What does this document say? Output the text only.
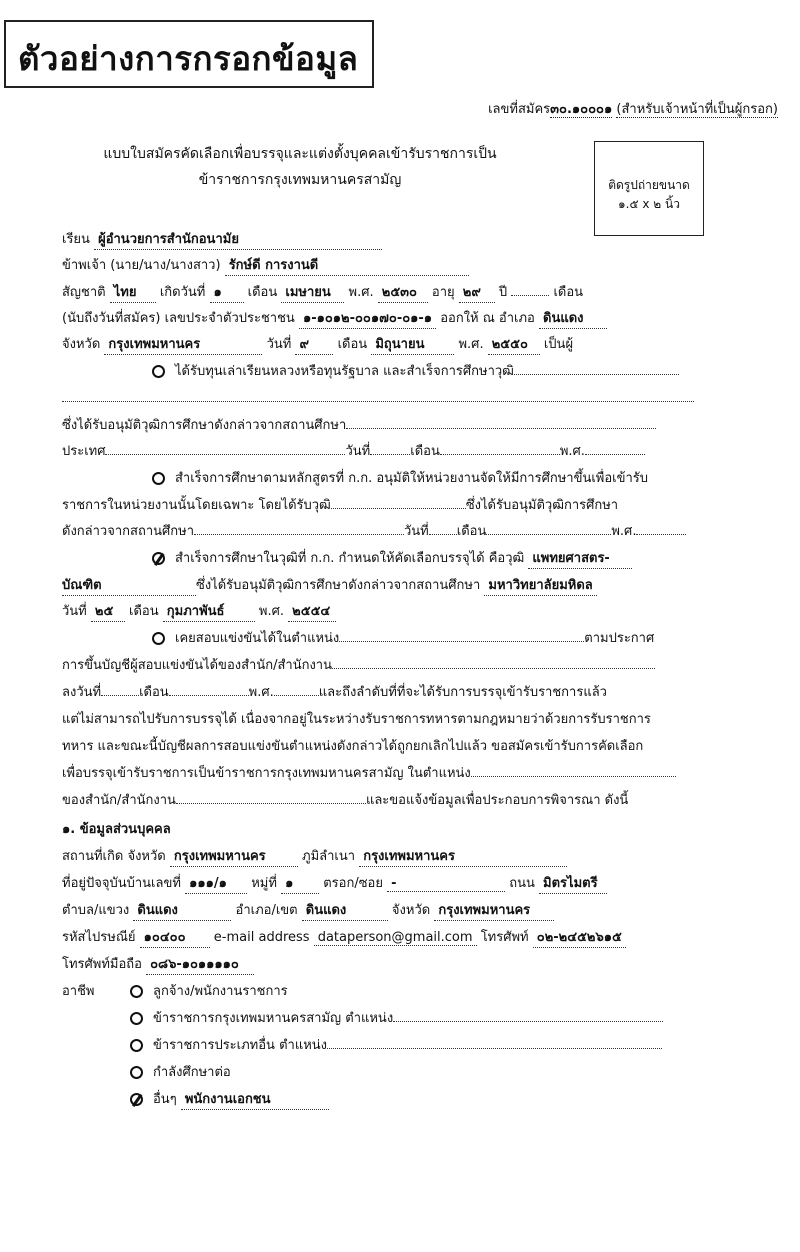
ตัวอย่างการกรอกข้อมูล
เลขที่สมัคร๓๐.๑๐๐๐๑ (สำหรับเจ้าหน้าที่เป็นผู้กรอก)
แบบใบสมัครคัดเลือกเพื่อบรรจุและแต่งตั้งบุคคลเข้ารับราชการเป็น
ข้าราชการกรุงเทพมหานครสามัญ	ติดรูปถ่ายขนาด
๑.๕ x ๒ นิ้ว
เรียน ผู้อำนวยการสำนักอนามัย
ข้าพเจ้า (นาย/นาง/นางสาว) รักษ์ดี การงานดี
สัญชาติ ไทย เกิดวันที่ ๑ เดือน เมษายน พ.ศ. ๒๕๓๐ อายุ ๒๙ ปี	เดือน
(นับถึงวันที่สมัคร) เลขประจำตัวประชาชน ๑-๑๐๑๒-๐๐๑๗๐-๐๑-๑ ออกให้ ณ อำเภอ ดินแดง
จังหวัด กรุงเทพมหานคร	วันที่ ๙ เดือน มิถุนายน	พ.ศ. ๒๕๕๐ เป็นผู้
ได้รับทุนเล่าเรียนหลวงหรือทุนรัฐบาล และสำเร็จการศึกษาวุฒิ
ซึ่งได้รับอนุมัติวุฒิการศึกษาดังกล่าวจากสถานศึกษา
ประเทศ	วันที่	เดือน	พ.ศ.
สำเร็จการศึกษาตามหลักสูตรที่ ก.ก. อนุมัติให้หน่วยงานจัดให้มีการศึกษาขึ้นเพื่อเข้ารับ
ราชการในหน่วยงานนั้นโดยเฉพาะ โดยได้รับวุฒิ	ซึ่งได้รับอนุมัติวุฒิการศึกษา
ดังกล่าวจากสถานศึกษา	วันที่ เดือน	พ.ศ.
สำเร็จการศึกษาในวุฒิที่ ก.ก. กำหนดให้คัดเลือกบรรจุได้ คือวุฒิ แพทยศาสตร-
บัณฑิต	ซึ่งได้รับอนุมัติวุฒิการศึกษาดังกล่าวจากสถานศึกษา มหาวิทยาลัยมหิดล
วันที่ ๒๕ เดือน กุมภาพันธ์	พ.ศ. ๒๕๕๔
เคยสอบแข่งขันได้ในตำแหน่ง	ตามประกาศ
การขึ้นบัญชีผู้สอบแข่งขันได้ของสำนัก/สำนักงาน
ลงวันที่	เดือน	พ.ศ.	และถึงลำดับที่ที่จะได้รับการบรรจุเข้ารับราชการแล้ว
แต่ไม่สามารถไปรับการบรรจุได้ เนื่องจากอยู่ในระหว่างรับราชการทหารตามกฎหมายว่าด้วยการรับราชการ
ทหาร และขณะนี้บัญชีผลการสอบแข่งขันตำแหน่งดังกล่าวได้ถูกยกเลิกไปแล้ว ขอสมัครเข้ารับการคัดเลือก
เพื่อบรรจุเข้ารับราชการเป็นข้าราชการกรุงเทพมหานครสามัญ ในตำแหน่ง
ของสำนัก/สำนักงาน	และขอแจ้งข้อมูลเพื่อประกอบการพิจารณา ดังนี้
๑. ข้อมูลส่วนบุคคล
สถานที่เกิด จังหวัด กรุงเทพมหานคร	ภูมิลำเนา กรุงเทพมหานคร
ที่อยู่ปัจจุบันบ้านเลขที่ ๑๑๑/๑ หมู่ที่ ๑ ตรอก/ซอย -	ถนน มิตรไมตรี
ตำบล/แขวง ดินแดง	อำเภอ/เขต ดินแดง	จังหวัด กรุงเทพมหานคร
รหัสไปรษณีย์ ๑๐๔๐๐ e-mail address dataperson@gmail.com โทรศัพท์ ๐๒-๒๔๕๒๖๑๕
โทรศัพท์มือถือ ๐๘๖-๑๐๑๑๑๑๐
อาชีพ	ลูกจ้าง/พนักงานราชการ
ข้าราชการกรุงเทพมหานครสามัญ ตำแหน่ง
ข้าราชการประเภทอื่น ตำแหน่ง
กำลังศึกษาต่อ
อื่นๆ พนักงานเอกชน
